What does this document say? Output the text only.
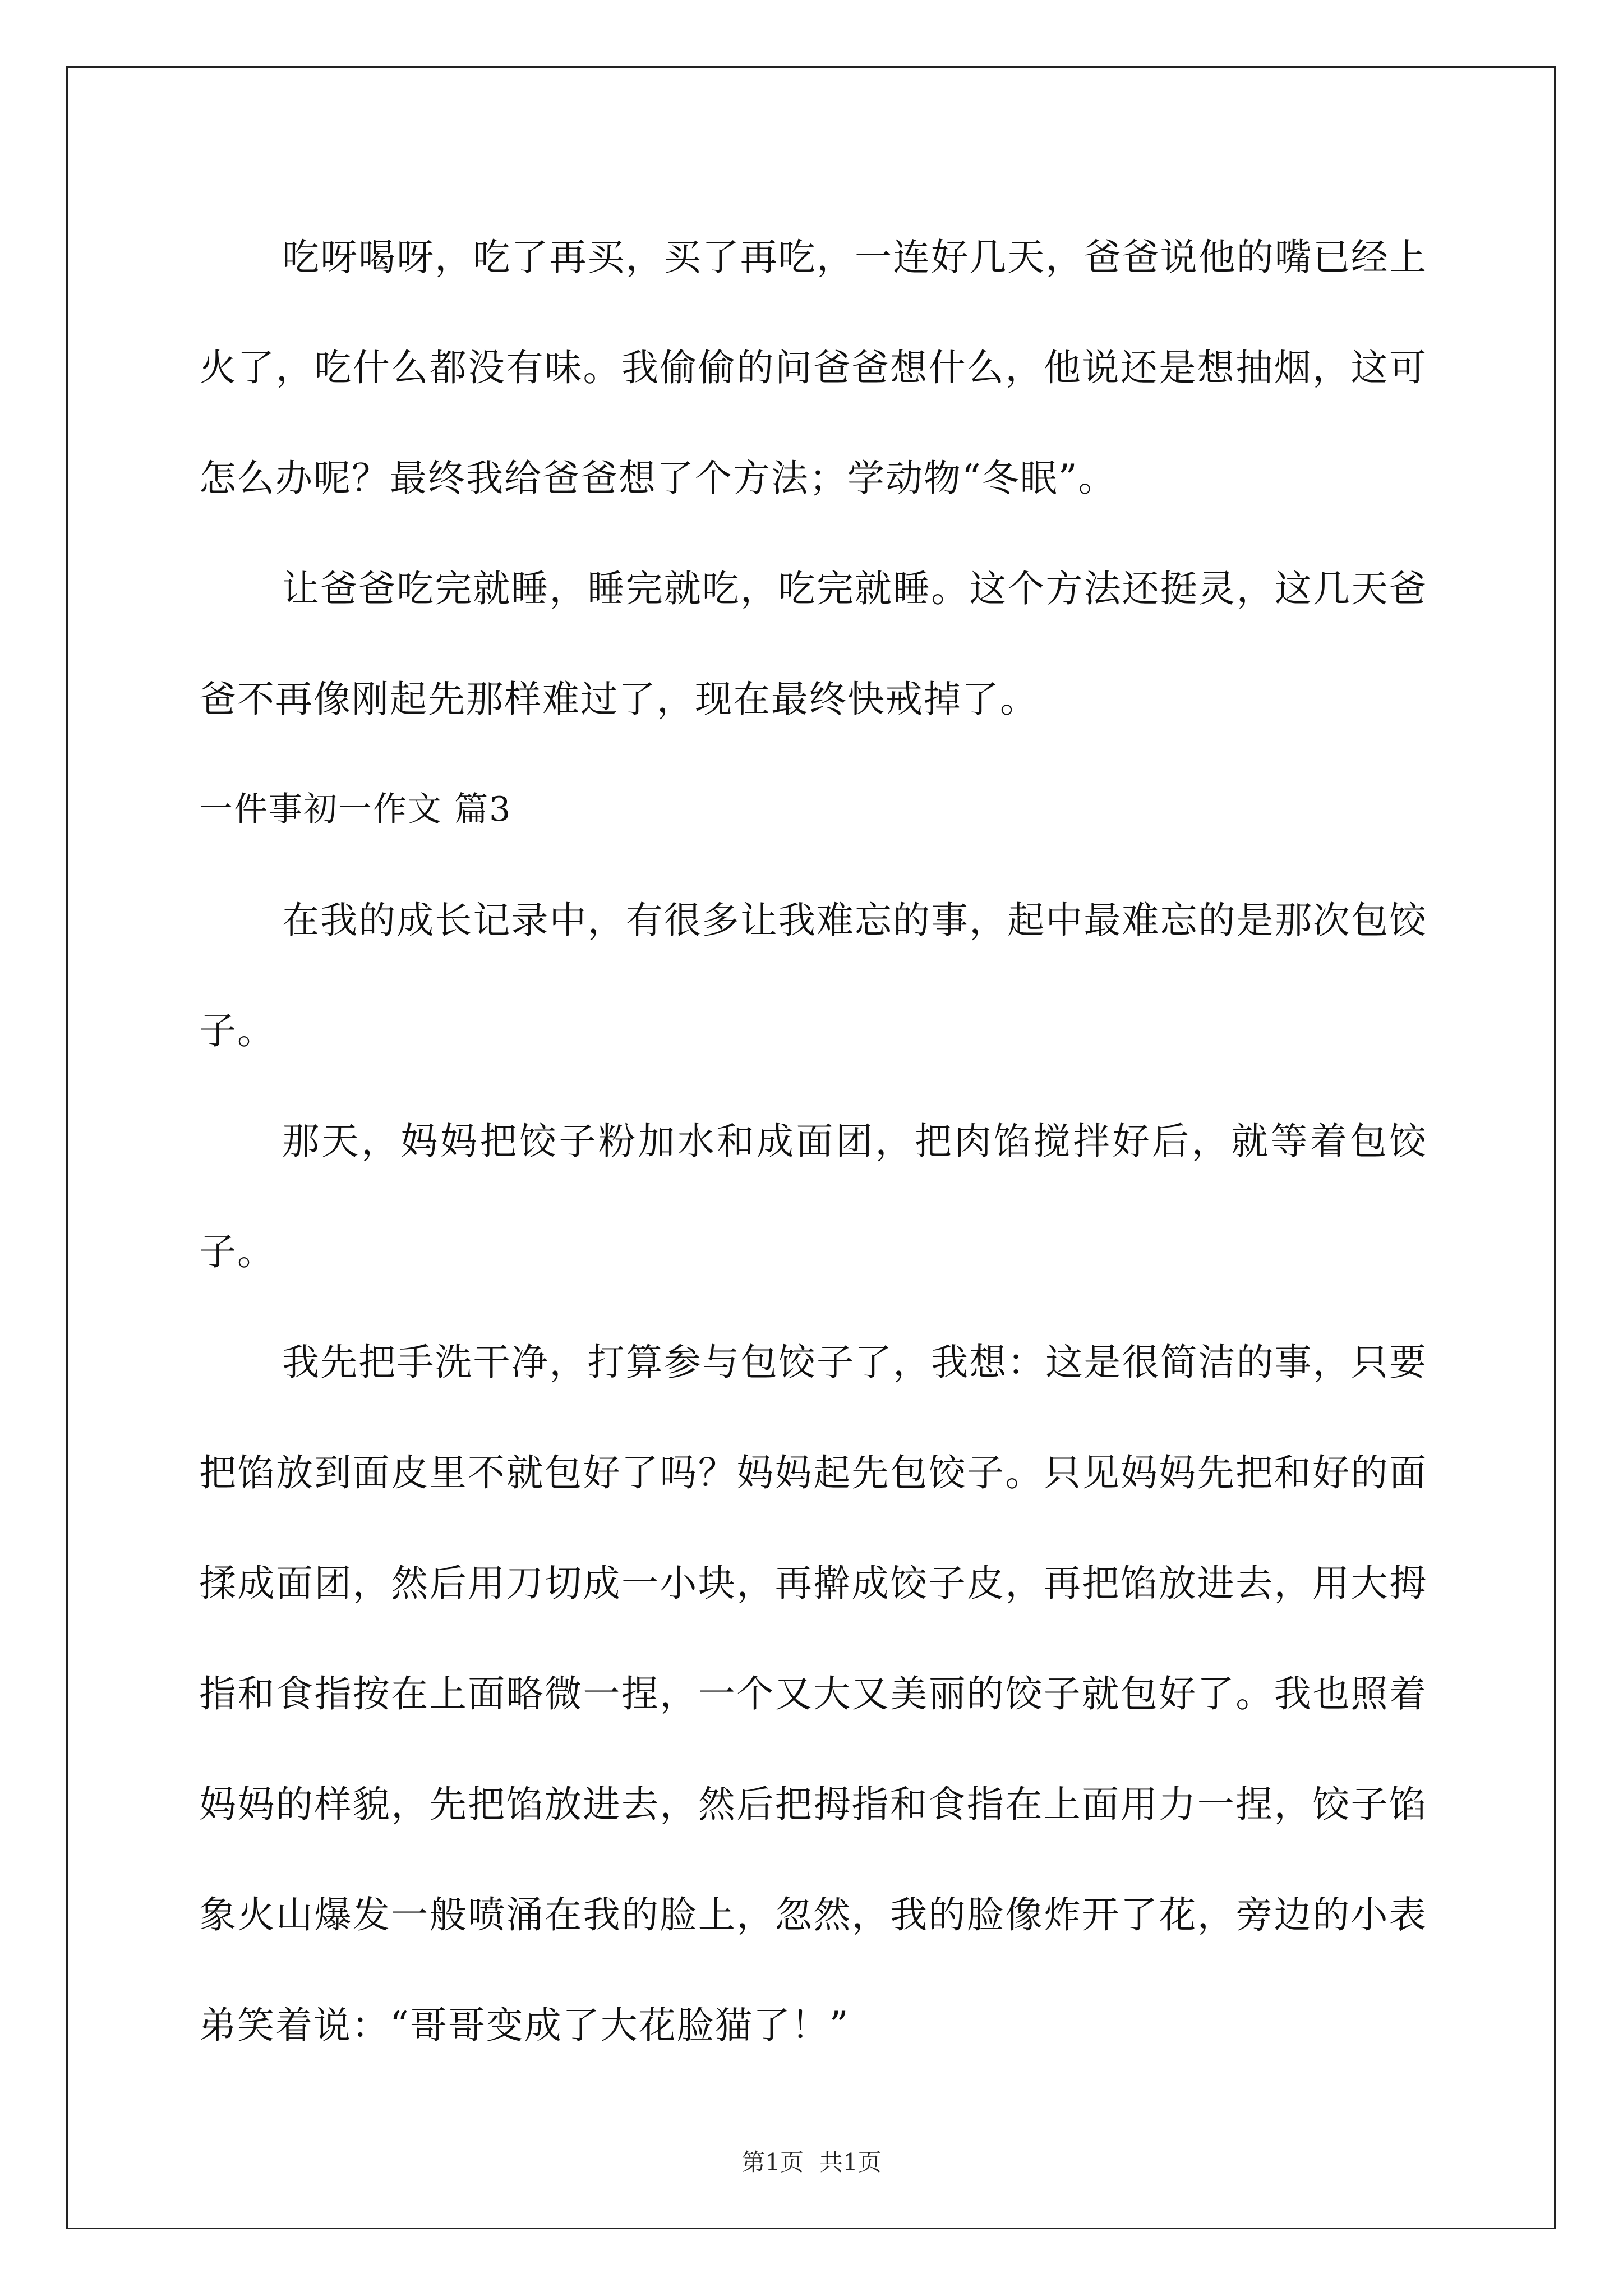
吃呀喝呀，吃了再买，买了再吃，一连好几天，爸爸说他的嘴已经上火了，吃什么都没有味。我偷偷的问爸爸想什么，他说还是想抽烟，这可怎么办呢？最终我给爸爸想了个方法；学动物“冬眠”。

让爸爸吃完就睡，睡完就吃，吃完就睡。这个方法还挺灵，这几天爸爸不再像刚起先那样难过了，现在最终快戒掉了。

一件事初一作文 篇3

在我的成长记录中，有很多让我难忘的事，起中最难忘的是那次包饺子。

那天，妈妈把饺子粉加水和成面团，把肉馅搅拌好后，就等着包饺子。

我先把手洗干净，打算参与包饺子了，我想：这是很简洁的事，只要把馅放到面皮里不就包好了吗？妈妈起先包饺子。只见妈妈先把和好的面揉成面团，然后用刀切成一小块，再擀成饺子皮，再把馅放进去，用大拇指和食指按在上面略微一捏，一个又大又美丽的饺子就包好了。我也照着妈妈的样貌，先把馅放进去，然后把拇指和食指在上面用力一捏，饺子馅象火山爆发一般喷涌在我的脸上，忽然，我的脸像炸开了花，旁边的小表弟笑着说：“哥哥变成了大花脸猫了！”

第1页 共1页
